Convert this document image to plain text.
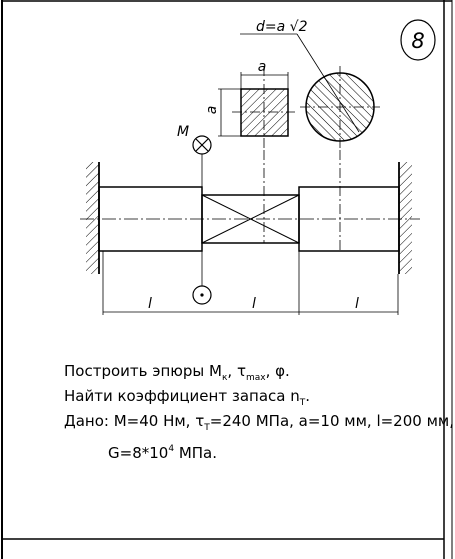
8
a
a
d=a √2
M
l	l	l
Построить эпюры $M_к$, $\tau_{max}$, φ.
Найти коэффициент запаса $n_T$.
Дано: M=40 Нм, $\tau_T=240$ МПа, a=10 мм, l=200 мм,
$G=8*10^4$ МПа.
